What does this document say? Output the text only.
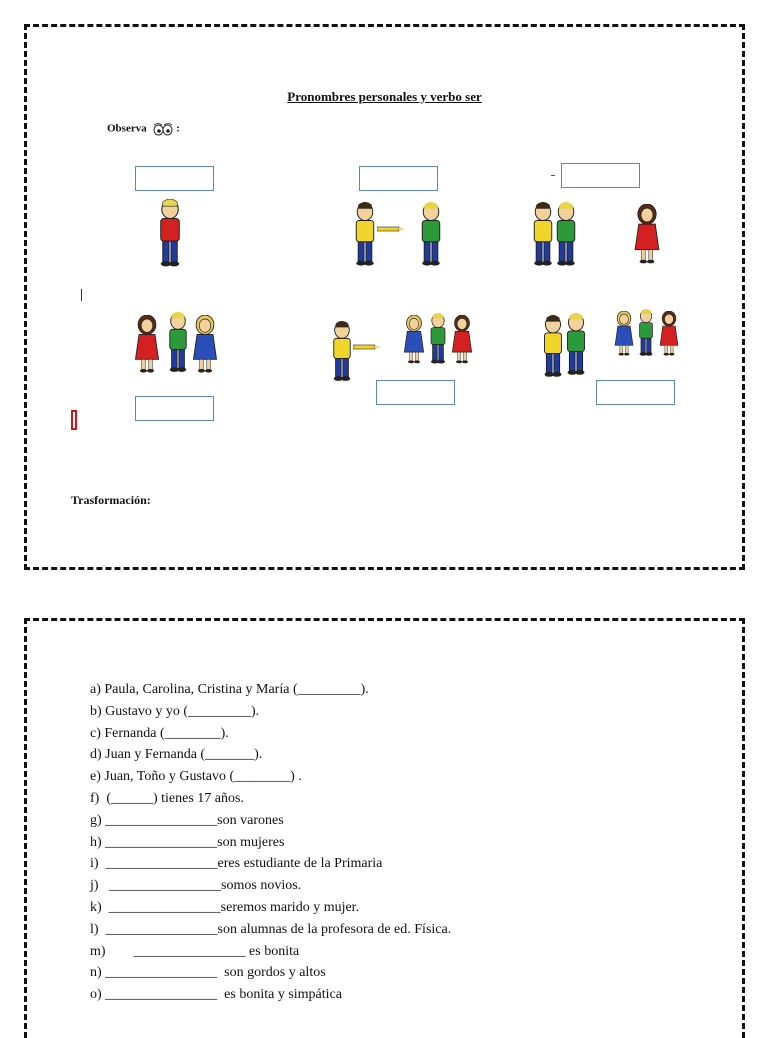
Pronombres personales y verbo ser
Observa	:
Trasformación:
a) Paula, Carolina, Cristina y María (_________).
b) Gustavo y yo (_________).
c) Fernanda (________).
d) Juan y Fernanda (_______).
e) Juan, Toño y Gustavo (________) .
f)  (______) tienes 17 años.
g) ________________son varones
h) ________________son mujeres
i)  ________________eres estudiante de la Primaria
j)   ________________somos novios.
k)  ________________seremos marido y mujer.
l)  ________________son alumnas de la profesora de ed. Física.
m)        ________________ es bonita
n) ________________  son gordos y altos
o) ________________  es bonita y simpática
